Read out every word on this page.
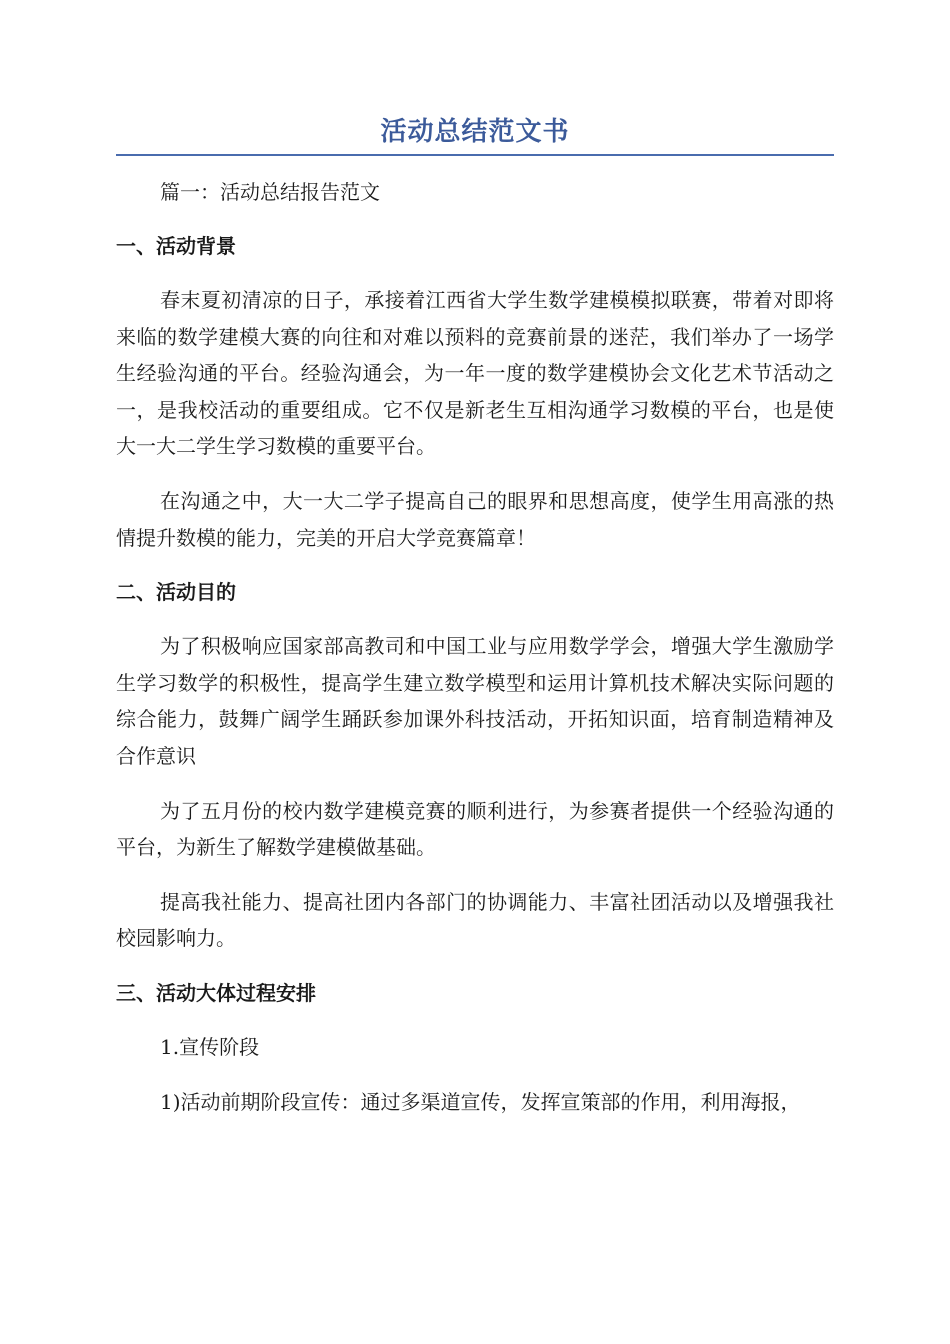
活动总结范文书

篇一：活动总结报告范文

一、活动背景

春末夏初清凉的日子，承接着江西省大学生数学建模模拟联赛，带着对即将来临的数学建模大赛的向往和对难以预料的竞赛前景的迷茫，我们举办了一场学生经验沟通的平台。经验沟通会，为一年一度的数学建模协会文化艺术节活动之一，是我校活动的重要组成。它不仅是新老生互相沟通学习数模的平台，也是使大一大二学生学习数模的重要平台。

在沟通之中，大一大二学子提高自己的眼界和思想高度，使学生用高涨的热情提升数模的能力，完美的开启大学竞赛篇章！

二、活动目的

为了积极响应国家部高教司和中国工业与应用数学学会，增强大学生激励学生学习数学的积极性，提高学生建立数学模型和运用计算机技术解决实际问题的综合能力，鼓舞广阔学生踊跃参加课外科技活动，开拓知识面，培育制造精神及合作意识

为了五月份的校内数学建模竞赛的顺利进行，为参赛者提供一个经验沟通的平台，为新生了解数学建模做基础。

提高我社能力、提高社团内各部门的协调能力、丰富社团活动以及增强我社校园影响力。

三、活动大体过程安排

1.宣传阶段

1)活动前期阶段宣传：通过多渠道宣传，发挥宣策部的作用，利用海报，
